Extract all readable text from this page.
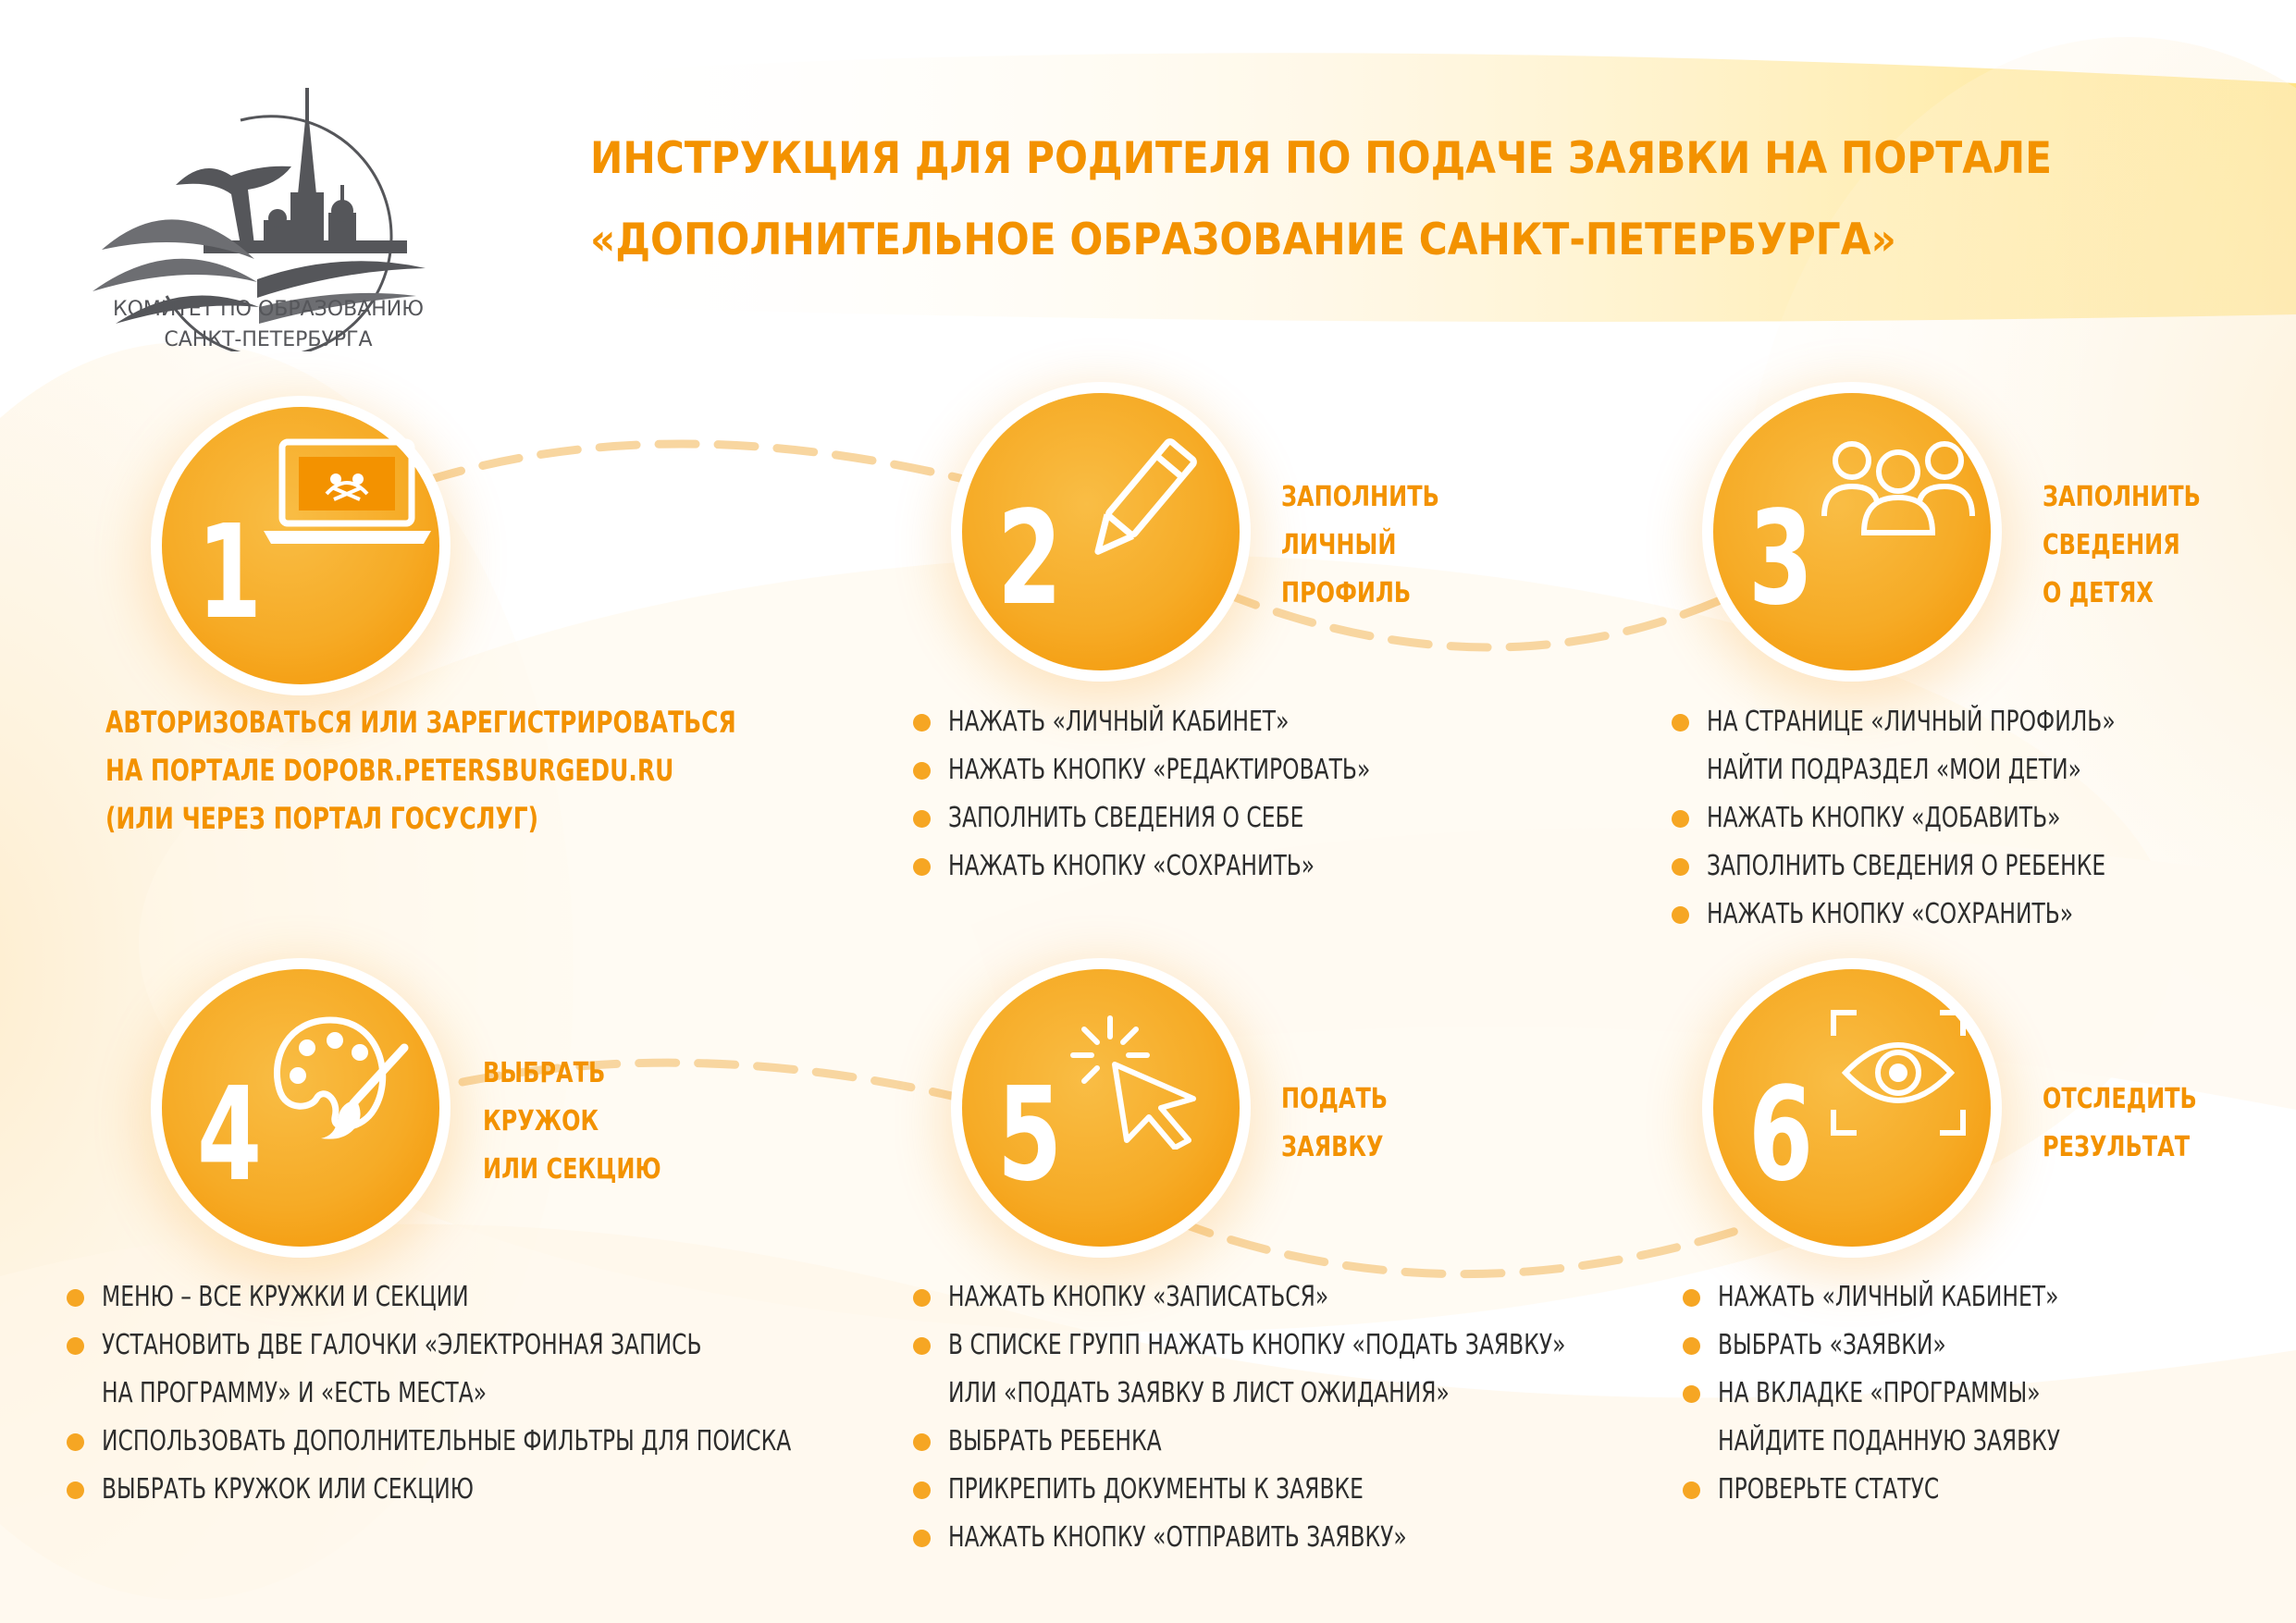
КОМИТЕТ ПО ОБРАЗОВАНИЮ
САНКТ-ПЕТЕРБУРГА
ИНСТРУКЦИЯ ДЛЯ РОДИТЕЛЯ ПО ПОДАЧЕ ЗАЯВКИ НА ПОРТАЛЕ
«ДОПОЛНИТЕЛЬНОЕ ОБРАЗОВАНИЕ САНКТ-ПЕТЕРБУРГА»
1
АВТОРИЗОВАТЬСЯ ИЛИ ЗАРЕГИСТРИРОВАТЬСЯ
НА ПОРТАЛЕ DOPOBR.PETERSBURGEDU.RU
(ИЛИ ЧЕРЕЗ ПОРТАЛ ГОСУСЛУГ)
2	ЗАПОЛНИТЬ
ЛИЧНЫЙ
ПРОФИЛЬ
НАЖАТЬ «ЛИЧНЫЙ КАБИНЕТ»
НАЖАТЬ КНОПКУ «РЕДАКТИРОВАТЬ»
ЗАПОЛНИТЬ СВЕДЕНИЯ О СЕБЕ
НАЖАТЬ КНОПКУ «СОХРАНИТЬ»
3	ЗАПОЛНИТЬ
СВЕДЕНИЯ
О ДЕТЯХ
НА СТРАНИЦЕ «ЛИЧНЫЙ ПРОФИЛЬ»
НАЙТИ ПОДРАЗДЕЛ «МОИ ДЕТИ»
НАЖАТЬ КНОПКУ «ДОБАВИТЬ»
ЗАПОЛНИТЬ СВЕДЕНИЯ О РЕБЕНКЕ
НАЖАТЬ КНОПКУ «СОХРАНИТЬ»
4	ВЫБРАТЬ
КРУЖОК
ИЛИ СЕКЦИЮ
МЕНЮ – ВСЕ КРУЖКИ И СЕКЦИИ
УСТАНОВИТЬ ДВЕ ГАЛОЧКИ «ЭЛЕКТРОННАЯ ЗАПИСЬ
НА ПРОГРАММУ» И «ЕСТЬ МЕСТА»
ИСПОЛЬЗОВАТЬ ДОПОЛНИТЕЛЬНЫЕ ФИЛЬТРЫ ДЛЯ ПОИСКА
ВЫБРАТЬ КРУЖОК ИЛИ СЕКЦИЮ
5	ПОДАТЬ
ЗАЯВКУ
НАЖАТЬ КНОПКУ «ЗАПИСАТЬСЯ»
В СПИСКЕ ГРУПП НАЖАТЬ КНОПКУ «ПОДАТЬ ЗАЯВКУ»
ИЛИ «ПОДАТЬ ЗАЯВКУ В ЛИСТ ОЖИДАНИЯ»
ВЫБРАТЬ РЕБЕНКА
ПРИКРЕПИТЬ ДОКУМЕНТЫ К ЗАЯВКЕ
НАЖАТЬ КНОПКУ «ОТПРАВИТЬ ЗАЯВКУ»
6	ОТСЛЕДИТЬ
РЕЗУЛЬТАТ
НАЖАТЬ «ЛИЧНЫЙ КАБИНЕТ»
ВЫБРАТЬ «ЗАЯВКИ»
НА ВКЛАДКЕ «ПРОГРАММЫ»
НАЙДИТЕ ПОДАННУЮ ЗАЯВКУ
ПРОВЕРЬТЕ СТАТУС
